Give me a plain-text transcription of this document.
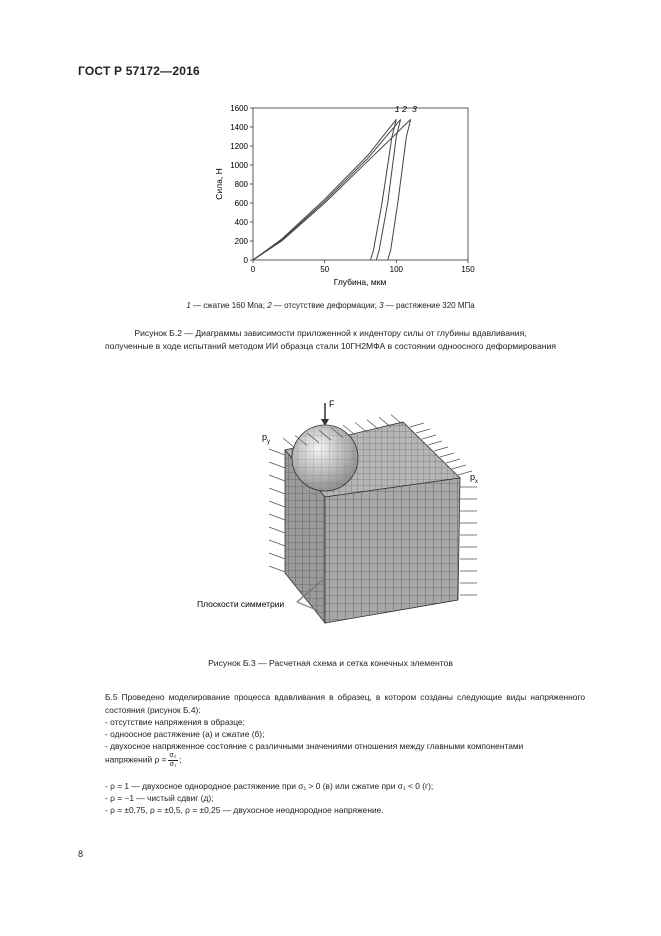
ГОСТ Р 57172—2016
0
200
400
600
800
1000
1200
1400
1600
0	50	100	150
1 2 3
Глубина, мкм
Сила, Н
1 — сжатие 160 Мпа; 2 — отсутствие деформации; 3 — растяжение 320 МПа
Рисунок Б.2 — Диаграммы зависимости приложенной к индентору силы от глубины вдавливания,
полученные в ходе испытаний методом ИИ образца стали 10ГН2МФА в состоянии одноосного деформирования
F
$p_y$
$p_x$
Плоскости симметрии
Рисунок Б.3 — Расчетная схема и сетка конечных элементов
Б.5 Проведено моделирование процесса вдавливания в образец, в котором созданы следующие виды напряженного состояния (рисунок Б.4):
- отсутствие напряжения в образце;
- одноосное растяжение (а) и сжатие (б);
- двухосное напряженное состояние с различными значениями отношения между главными компонентами
напряжений $\rho = \frac{\text{σ₂}}{\text{σ₁}}$ ;
- ρ = 1 — двухосное однородное растяжение при σ₁ > 0 (в) или сжатие при σ₁ < 0 (г);
- ρ = −1 — чистый сдвиг (д);
- ρ = ±0,75, ρ = ±0,5, ρ = ±0,25 — двухосное неоднородное напряжение.
8
